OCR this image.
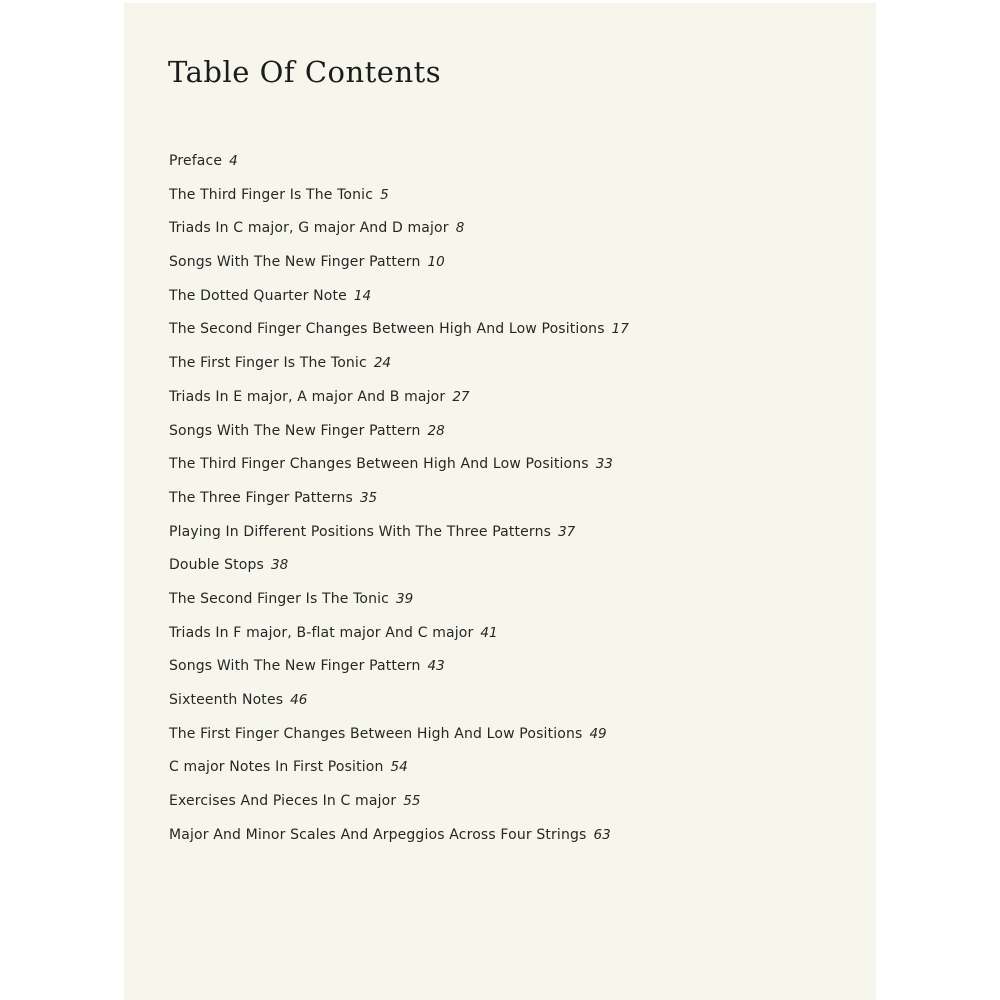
Table Of Contents
Preface 4
The Third Finger Is The Tonic 5
Triads In C major, G major And D major 8
Songs With The New Finger Pattern 10
The Dotted Quarter Note 14
The Second Finger Changes Between High And Low Positions 17
The First Finger Is The Tonic 24
Triads In E major, A major And B major 27
Songs With The New Finger Pattern 28
The Third Finger Changes Between High And Low Positions 33
The Three Finger Patterns 35
Playing In Different Positions With The Three Patterns 37
Double Stops 38
The Second Finger Is The Tonic 39
Triads In F major, B-flat major And C major 41
Songs With The New Finger Pattern 43
Sixteenth Notes 46
The First Finger Changes Between High And Low Positions 49
C major Notes In First Position 54
Exercises And Pieces In C major 55
Major And Minor Scales And Arpeggios Across Four Strings 63
